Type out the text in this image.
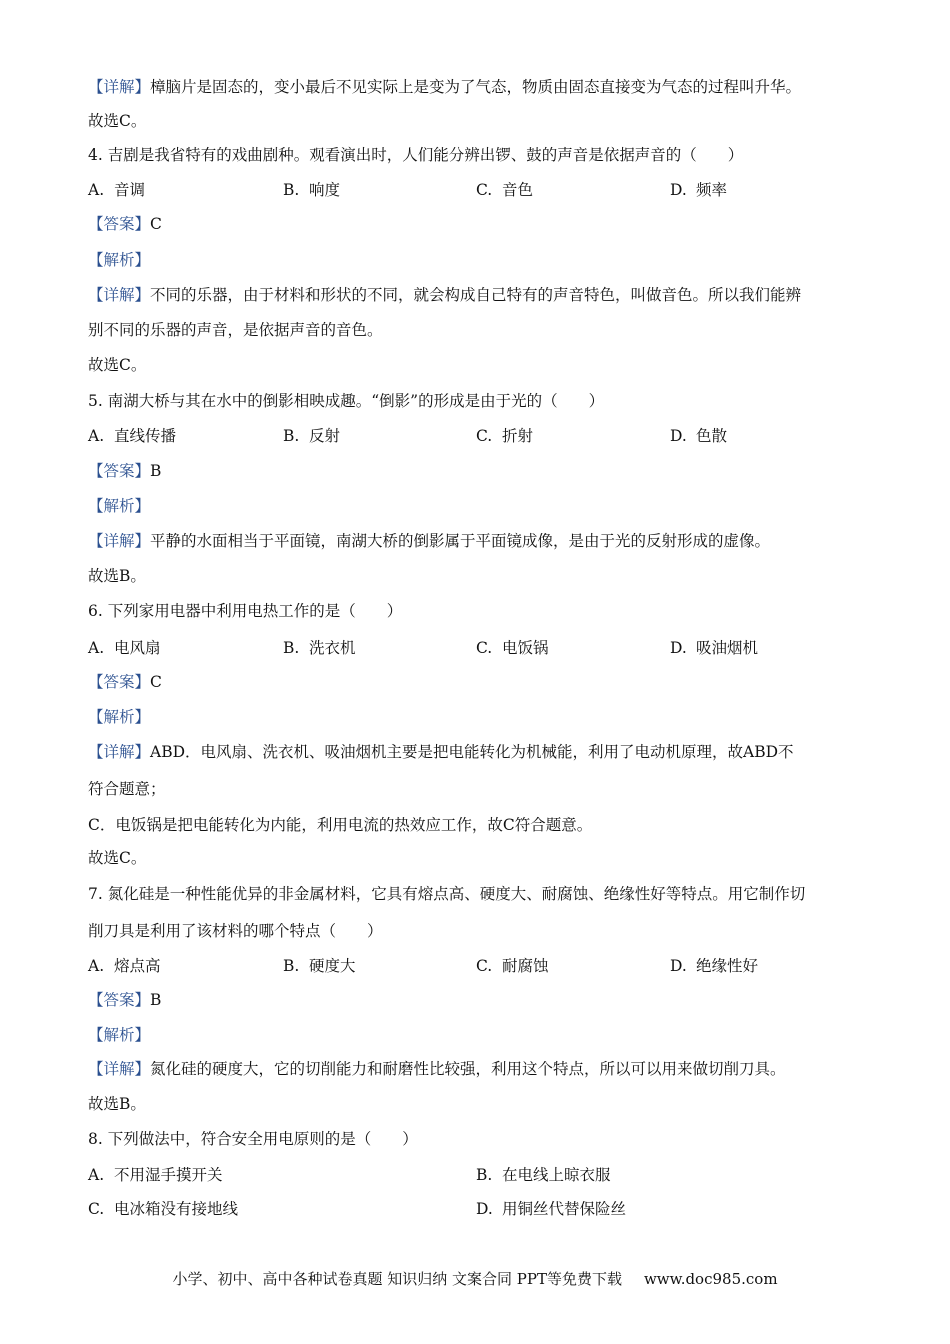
【详解】樟脑片是固态的，变小最后不见实际上是变为了气态，物质由固态直接变为气态的过程叫升华。
故选C。
4. 吉剧是我省特有的戏曲剧种。观看演出时，人们能分辨出锣、鼓的声音是依据声音的（　　）
A. 音调	B. 响度	C. 音色	D. 频率
【答案】C
【解析】
【详解】不同的乐器，由于材料和形状的不同，就会构成自己特有的声音特色，叫做音色。所以我们能辨
别不同的乐器的声音，是依据声音的音色。
故选C。
5. 南湖大桥与其在水中的倒影相映成趣。“倒影”的形成是由于光的（　　）
A. 直线传播	B. 反射	C. 折射	D. 色散
【答案】B
【解析】
【详解】平静的水面相当于平面镜，南湖大桥的倒影属于平面镜成像，是由于光的反射形成的虚像。
故选B。
6. 下列家用电器中利用电热工作的是（　　）
A. 电风扇	B. 洗衣机	C. 电饭锅	D. 吸油烟机
【答案】C
【解析】
【详解】ABD．电风扇、洗衣机、吸油烟机主要是把电能转化为机械能，利用了电动机原理，故ABD不
符合题意；
C．电饭锅是把电能转化为内能，利用电流的热效应工作，故C符合题意。
故选C。
7. 氮化硅是一种性能优异的非金属材料，它具有熔点高、硬度大、耐腐蚀、绝缘性好等特点。用它制作切
削刀具是利用了该材料的哪个特点（　　）
A. 熔点高	B. 硬度大	C. 耐腐蚀	D. 绝缘性好
【答案】B
【解析】
【详解】氮化硅的硬度大，它的切削能力和耐磨性比较强，利用这个特点，所以可以用来做切削刀具。
故选B。
8. 下列做法中，符合安全用电原则的是（　　）
A. 不用湿手摸开关	B. 在电线上晾衣服
C. 电冰箱没有接地线	D. 用铜丝代替保险丝
小学、初中、高中各种试卷真题 知识归纳 文案合同 PPT等免费下载 www.doc985.com
